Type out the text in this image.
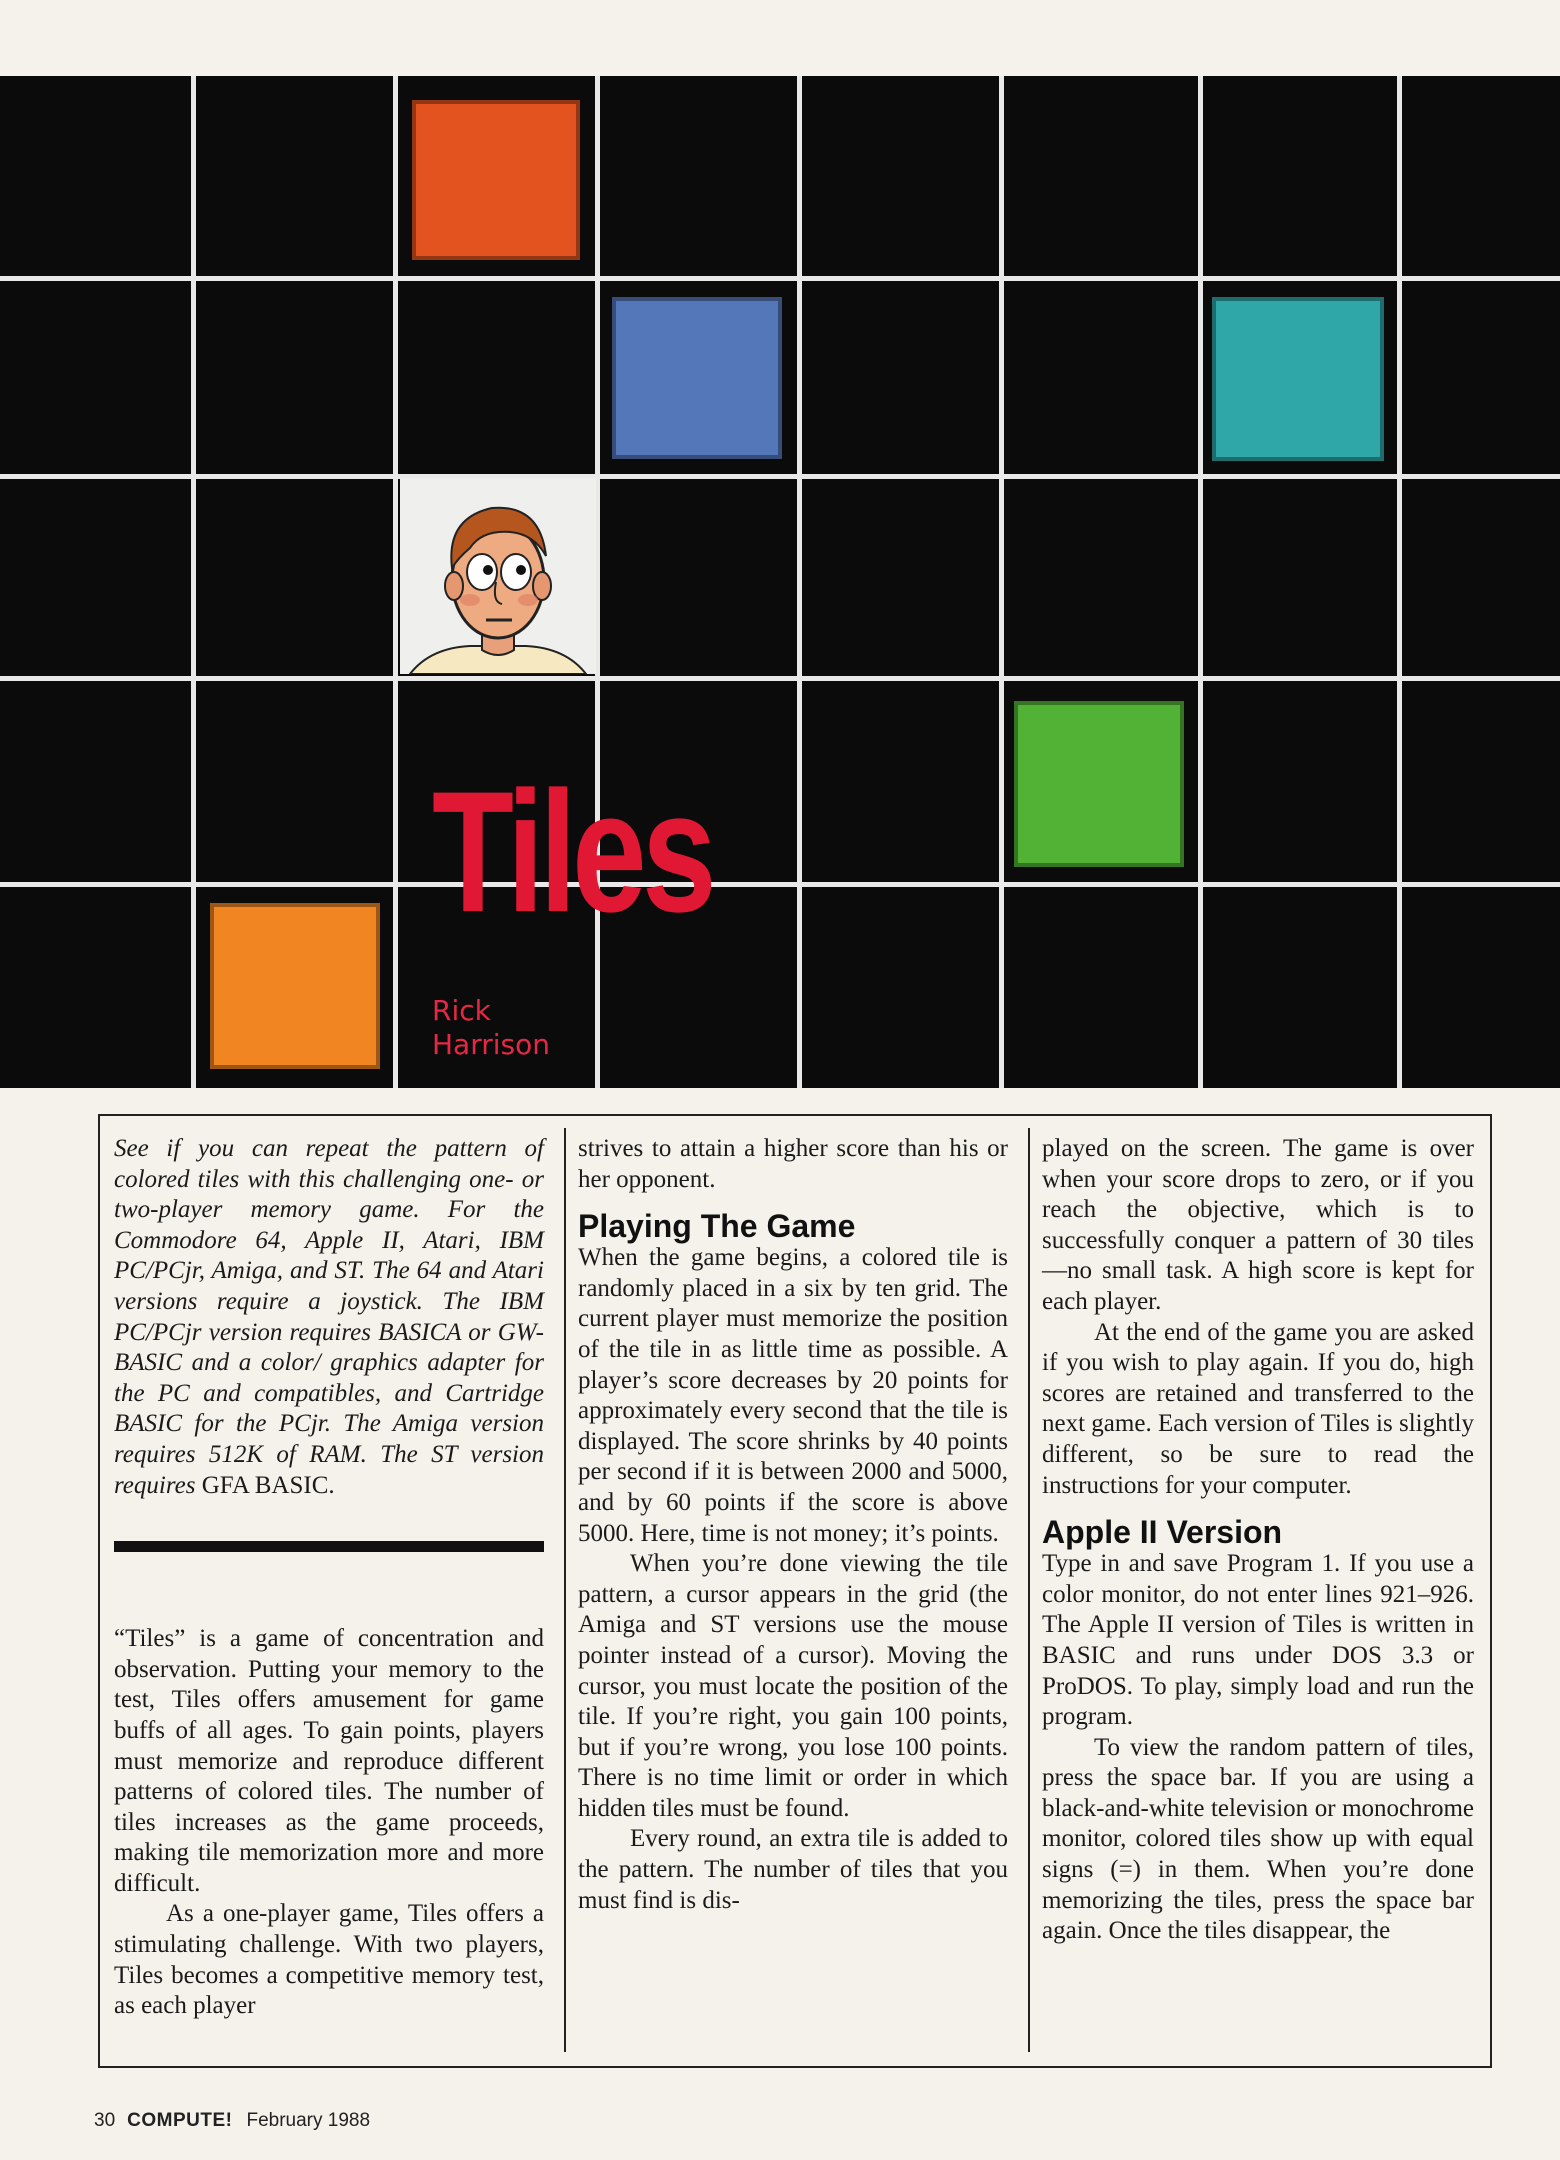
Tiles
Rick
Harrison

See if you can repeat the pattern of colored tiles with this challenging one- or two-player memory game. For the Commodore 64, Apple II, Atari, IBM PC/PCjr, Amiga, and ST. The 64 and Atari versions require a joystick. The IBM PC/PCjr version requires BASICA or GW-BASIC and a color/ graphics adapter for the PC and compatibles, and Cartridge BASIC for the PCjr. The Amiga version requires 512K of RAM. The ST version requires GFA BASIC.

“Tiles” is a game of concentration and observation. Putting your memory to the test, Tiles offers amusement for game buffs of all ages. To gain points, players must memorize and reproduce different patterns of colored tiles. The number of tiles increases as the game proceeds, making tile memorization more and more difficult.

As a one-player game, Tiles offers a stimulating challenge. With two players, Tiles becomes a competitive memory test, as each player

strives to attain a higher score than his or her opponent.

Playing The Game

When the game begins, a colored tile is randomly placed in a six by ten grid. The current player must memorize the position of the tile in as little time as possible. A player’s score decreases by 20 points for approximately every second that the tile is displayed. The score shrinks by 40 points per second if it is between 2000 and 5000, and by 60 points if the score is above 5000. Here, time is not money; it’s points.

When you’re done viewing the tile pattern, a cursor appears in the grid (the Amiga and ST versions use the mouse pointer instead of a cursor). Moving the cursor, you must locate the position of the tile. If you’re right, you gain 100 points, but if you’re wrong, you lose 100 points. There is no time limit or order in which hidden tiles must be found.

Every round, an extra tile is added to the pattern. The number of tiles that you must find is dis-

played on the screen. The game is over when your score drops to zero, or if you reach the objective, which is to successfully conquer a pattern of 30 tiles—no small task. A high score is kept for each player.

At the end of the game you are asked if you wish to play again. If you do, high scores are retained and transferred to the next game. Each version of Tiles is slightly different, so be sure to read the instructions for your computer.

Apple II Version

Type in and save Program 1. If you use a color monitor, do not enter lines 921–926. The Apple II version of Tiles is written in BASIC and runs under DOS 3.3 or ProDOS. To play, simply load and run the program.

To view the random pattern of tiles, press the space bar. If you are using a black-and-white television or monochrome monitor, colored tiles show up with equal signs (=) in them. When you’re done memorizing the tiles, press the space bar again. Once the tiles disappear, the

30 COMPUTE! February 1988
